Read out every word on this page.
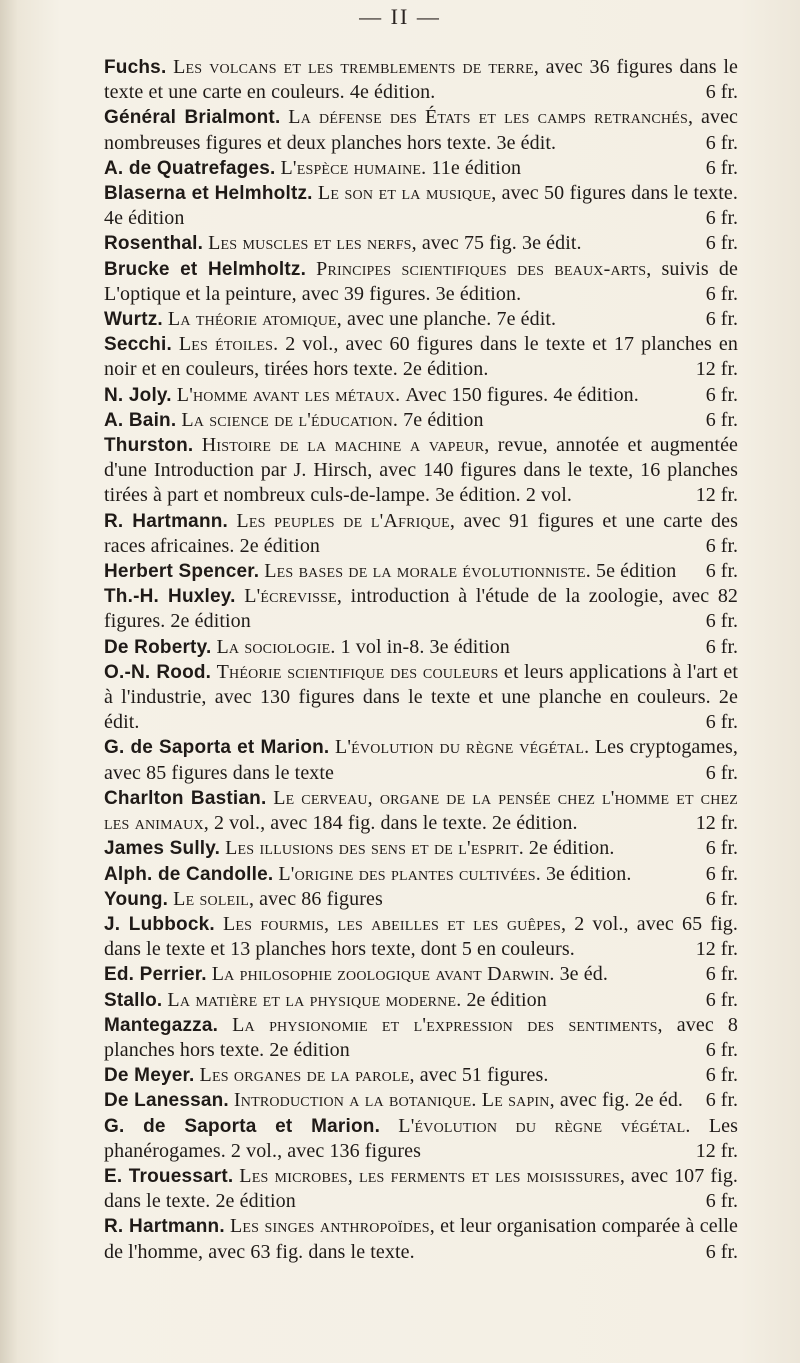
— II —
Fuchs. Les volcans et les tremblements de terre, avec 36 figures dans le texte et une carte en couleurs. 4e édition.	6 fr.
Général Brialmont. La défense des États et les camps retranchés, avec nombreuses figures et deux planches hors texte. 3e édit.	6 fr.
A. de Quatrefages. L'espèce humaine. 11e édition	6 fr.
Blaserna et Helmholtz. Le son et la musique, avec 50 figures dans le texte. 4e édition	6 fr.
Rosenthal. Les muscles et les nerfs, avec 75 fig. 3e édit.	6 fr.
Brucke et Helmholtz. Principes scientifiques des beaux-arts, suivis de L'optique et la peinture, avec 39 figures. 3e édition.	6 fr.
Wurtz. La théorie atomique, avec une planche. 7e édit.	6 fr.
Secchi. Les étoiles. 2 vol., avec 60 figures dans le texte et 17 planches en noir et en couleurs, tirées hors texte. 2e édition.	12 fr.
N. Joly. L'homme avant les métaux. Avec 150 figures. 4e édition.	6 fr.
A. Bain. La science de l'éducation. 7e édition	6 fr.
Thurston. Histoire de la machine a vapeur, revue, annotée et augmentée d'une Introduction par J. Hirsch, avec 140 figures dans le texte, 16 planches tirées à part et nombreux culs-de-lampe. 3e édition. 2 vol.	12 fr.
R. Hartmann. Les peuples de l'Afrique, avec 91 figures et une carte des races africaines. 2e édition	6 fr.
Herbert Spencer. Les bases de la morale évolutionniste. 5e édition 6 fr.
Th.-H. Huxley. L'écrevisse, introduction à l'étude de la zoologie, avec 82 figures. 2e édition	6 fr.
De Roberty. La sociologie. 1 vol in-8. 3e édition	6 fr.
O.-N. Rood. Théorie scientifique des couleurs et leurs applications à l'art et à l'industrie, avec 130 figures dans le texte et une planche en couleurs. 2e édit.	6 fr.
G. de Saporta et Marion. L'évolution du règne végétal. Les cryptogames, avec 85 figures dans le texte	6 fr.
Charlton Bastian. Le cerveau, organe de la pensée chez l'homme et chez les animaux, 2 vol., avec 184 fig. dans le texte. 2e édition.	12 fr.
James Sully. Les illusions des sens et de l'esprit. 2e édition.	6 fr.
Alph. de Candolle. L'origine des plantes cultivées. 3e édition.	6 fr.
Young. Le soleil, avec 86 figures	6 fr.
J. Lubbock. Les fourmis, les abeilles et les guêpes, 2 vol., avec 65 fig. dans le texte et 13 planches hors texte, dont 5 en couleurs.	12 fr.
Ed. Perrier. La philosophie zoologique avant Darwin. 3e éd.	6 fr.
Stallo. La matière et la physique moderne. 2e édition	6 fr.
Mantegazza. La physionomie et l'expression des sentiments, avec 8 planches hors texte. 2e édition	6 fr.
De Meyer. Les organes de la parole, avec 51 figures.	6 fr.
De Lanessan. Introduction a la botanique. Le sapin, avec fig. 2e éd. 6 fr.
G. de Saporta et Marion. L'évolution du règne végétal. Les phanérogames. 2 vol., avec 136 figures	12 fr.
E. Trouessart. Les microbes, les ferments et les moisissures, avec 107 fig. dans le texte. 2e édition	6 fr.
R. Hartmann. Les singes anthropoïdes, et leur organisation comparée à celle de l'homme, avec 63 fig. dans le texte.	6 fr.
